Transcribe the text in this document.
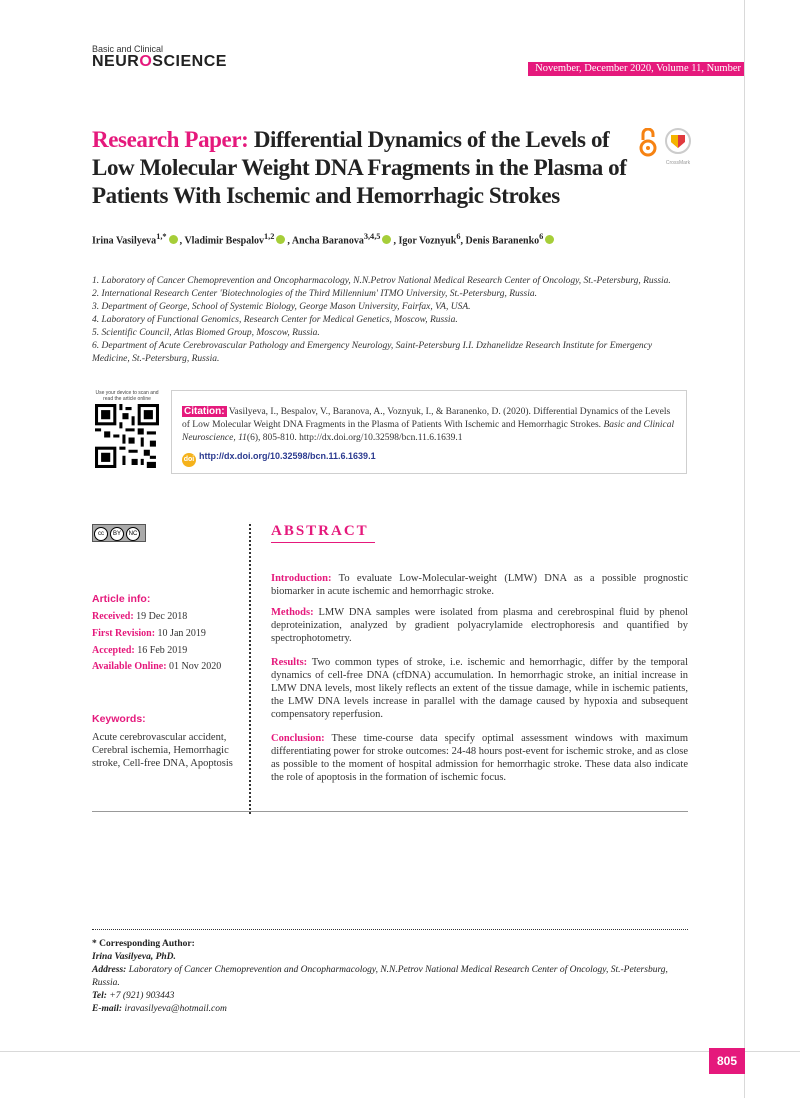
Basic and Clinical
NEUROSCIENCE	November, December 2020, Volume 11, Number 6
Research Paper: Differential Dynamics of the Levels of Low Molecular Weight DNA Fragments in the Plasma of Patients With Ischemic and Hemorrhagic Strokes
CrossMark
Irina Vasilyeva$^{1,*}$ , Vladimir Bespalov$^{1,2}$ , Ancha Baranova$^{3,4,5}$ , Igor Voznyuk$^6$, Denis Baranenko$^6$
1. Laboratory of Cancer Chemoprevention and Oncopharmacology, N.N.Petrov National Medical Research Center of Oncology, St.-Petersburg, Russia.
2. International Research Center 'Biotechnologies of the Third Millennium' ITMO University, St.-Petersburg, Russia.
3. Department of George, School of Systemic Biology, George Mason University, Fairfax, VA, USA.
4. Laboratory of Functional Genomics, Research Center for Medical Genetics, Moscow, Russia.
5. Scientific Council, Atlas Biomed Group, Moscow, Russia.
6. Department of Acute Cerebrovascular Pathology and Emergency Neurology, Saint-Petersburg I.I. Dzhanelidze Research Institute for Emergency Medicine, St.-Petersburg, Russia.
Use your device to scan and read the article online
Citation: Vasilyeva, I., Bespalov, V., Baranova, A., Voznyuk, I., & Baranenko, D. (2020). Differential Dynamics of the Levels of Low Molecular Weight DNA Fragments in the Plasma of Patients With Ischemic and Hemorrhagic Strokes. Basic and Clinical Neuroscience, 11(6), 805-810. http://dx.doi.org/10.32598/bcn.11.6.1639.1
doi http://dx.doi.org/10.32598/bcn.11.6.1639.1
cc BY NC	ABSTRACT
Article info:
Received: 19 Dec 2018
First Revision: 10 Jan 2019
Accepted: 16 Feb 2019
Available Online: 01 Nov 2020
Keywords:
Acute cerebrovascular accident, Cerebral ischemia, Hemorrhagic stroke, Cell-free DNA, Apoptosis
Introduction: To evaluate Low-Molecular-weight (LMW) DNA as a possible prognostic biomarker in acute ischemic and hemorrhagic stroke.
Methods: LMW DNA samples were isolated from plasma and cerebrospinal fluid by phenol deproteinization, analyzed by gradient polyacrylamide electrophoresis and quantified by spectrophotometry.
Results: Two common types of stroke, i.e. ischemic and hemorrhagic, differ by the temporal dynamics of cell-free DNA (cfDNA) accumulation. In hemorrhagic stroke, an initial increase in LMW DNA levels, most likely reflects an extent of the tissue damage, while in ischemic patients, the LMW DNA levels increase in parallel with the damage caused by hypoxia and subsequent compensatory reperfusion.
Conclusion: These time-course data specify optimal assessment windows with maximum differentiating power for stroke outcomes: 24-48 hours post-event for ischemic stroke, and as close as possible to the moment of hospital admission for hemorrhagic stroke. These data also indicate the role of apoptosis in the formation of ischemic focus.
* Corresponding Author:
Irina Vasilyeva, PhD.
Address: Laboratory of Cancer Chemoprevention and Oncopharmacology, N.N.Petrov National Medical Research Center of Oncology, St.-Petersburg, Russia.
Tel: +7 (921) 903443
E-mail: iravasilyeva@hotmail.com
805
